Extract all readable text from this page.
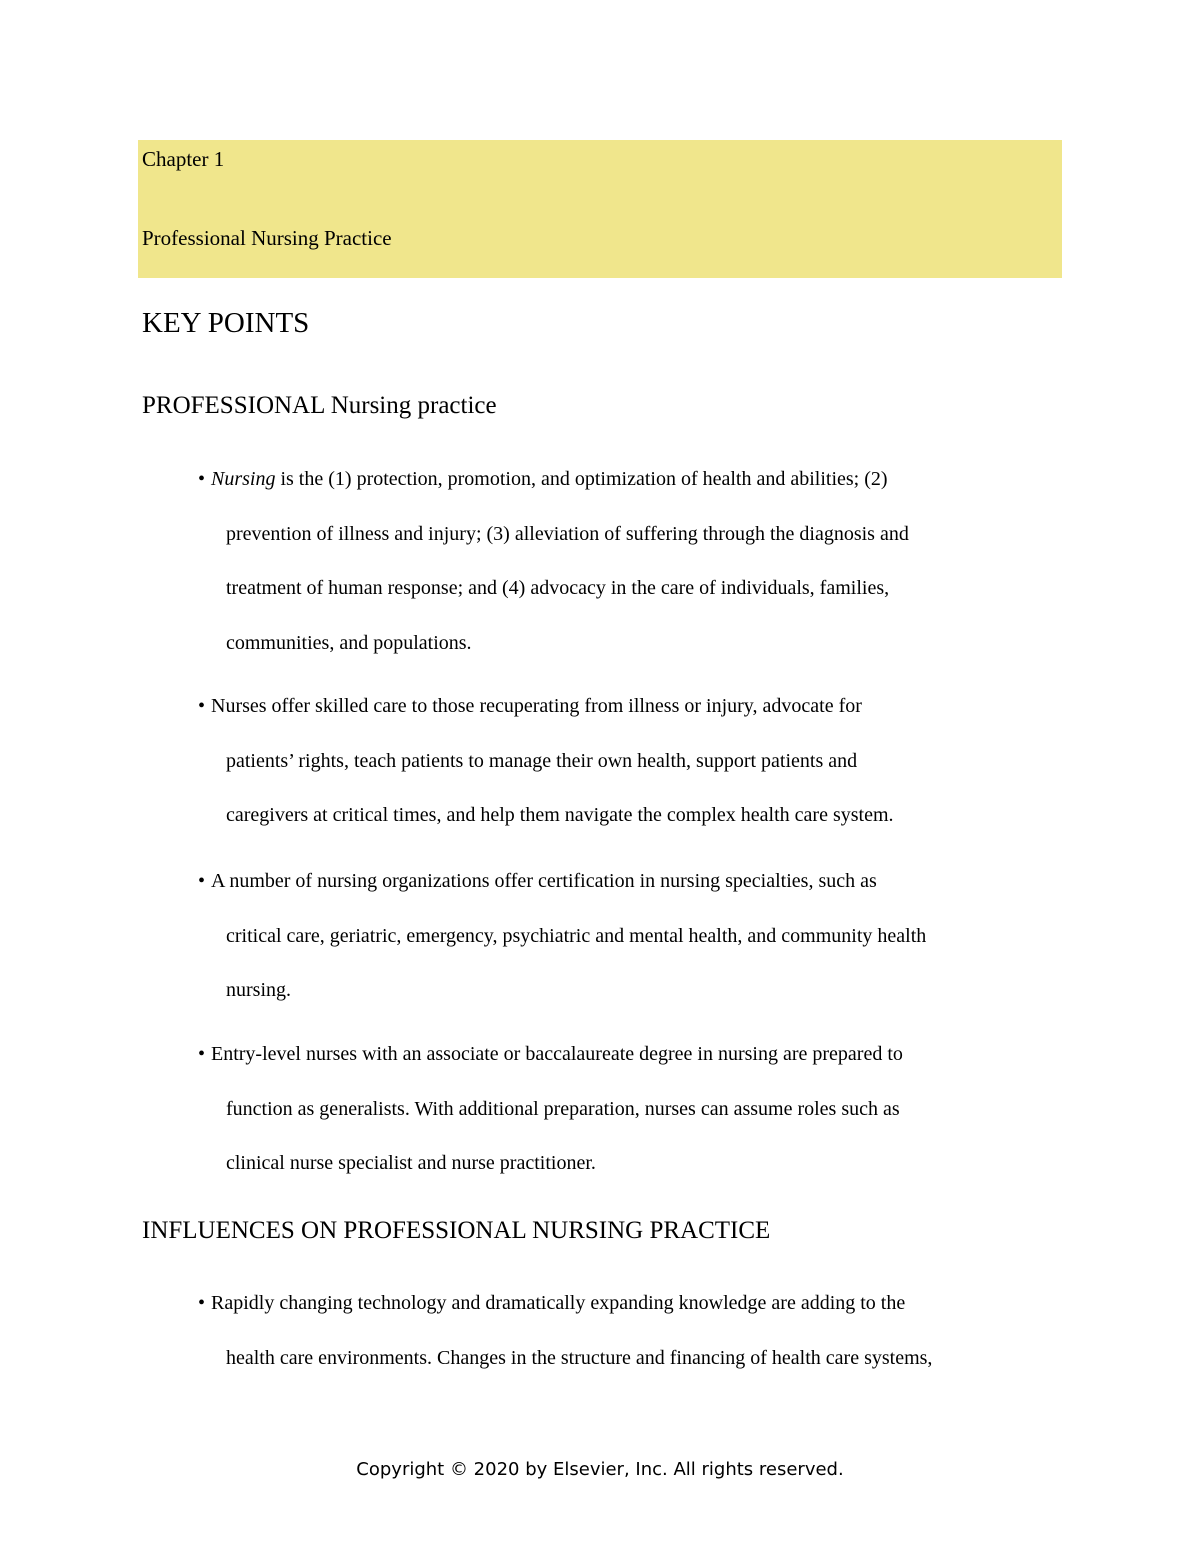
Chapter 1
Professional Nursing Practice
KEY POINTS
PROFESSIONAL Nursing practice
• Nursing is the (1) protection, promotion, and optimization of health and abilities; (2)
prevention of illness and injury; (3) alleviation of suffering through the diagnosis and
treatment of human response; and (4) advocacy in the care of individuals, families,
communities, and populations.
• Nurses offer skilled care to those recuperating from illness or injury, advocate for
patients’ rights, teach patients to manage their own health, support patients and
caregivers at critical times, and help them navigate the complex health care system.
• A number of nursing organizations offer certification in nursing specialties, such as
critical care, geriatric, emergency, psychiatric and mental health, and community health
nursing.
• Entry-level nurses with an associate or baccalaureate degree in nursing are prepared to
function as generalists. With additional preparation, nurses can assume roles such as
clinical nurse specialist and nurse practitioner.
INFLUENCES ON PROFESSIONAL NURSING PRACTICE
• Rapidly changing technology and dramatically expanding knowledge are adding to the
health care environments. Changes in the structure and financing of health care systems,
Copyright © 2020 by Elsevier, Inc. All rights reserved.
